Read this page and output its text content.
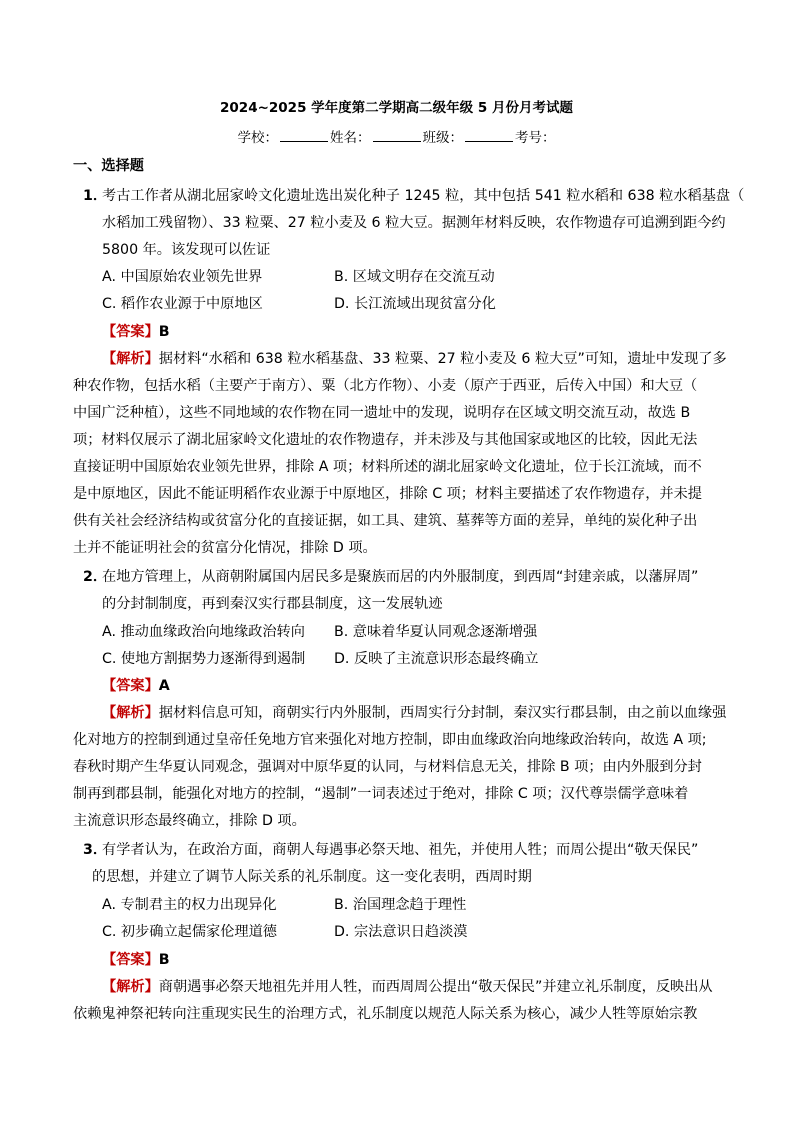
2024~2025 学年度第二学期高二级年级 5 月份月考试题
学校：	姓名：	班级：	考号：
一、选择题
1．
考古工作者从湖北屈家岭文化遗址选出炭化种子 1245 粒，其中包括 541 粒水稻和 638 粒水稻基盘（
水稻加工残留物）、33 粒粟、27 粒小麦及 6 粒大豆。据测年材料反映，农作物遗存可追溯到距今约
5800 年。该发现可以佐证
A. 中国原始农业领先世界	B. 区域文明存在交流互动
C. 稻作农业源于中原地区	D. 长江流域出现贫富分化
【答案】B
【解析】据材料“水稻和 638 粒水稻基盘、33 粒粟、27 粒小麦及 6 粒大豆”可知，遗址中发现了多
种农作物，包括水稻（主要产于南方）、粟（北方作物）、小麦（原产于西亚，后传入中国）和大豆（
中国广泛种植），这些不同地域的农作物在同一遗址中的发现，说明存在区域文明交流互动，故选 B
项；材料仅展示了湖北屈家岭文化遗址的农作物遗存，并未涉及与其他国家或地区的比较，因此无法
直接证明中国原始农业领先世界，排除 A 项；材料所述的湖北屈家岭文化遗址，位于长江流域，而不
是中原地区，因此不能证明稻作农业源于中原地区，排除 C 项；材料主要描述了农作物遗存，并未提
供有关社会经济结构或贫富分化的直接证据，如工具、建筑、墓葬等方面的差异，单纯的炭化种子出
土并不能证明社会的贫富分化情况，排除 D 项。
2．
在地方管理上，从商朝附属国内居民多是聚族而居的内外服制度，到西周“封建亲戚，以藩屏周”
的分封制制度，再到秦汉实行郡县制度，这一发展轨迹
A. 推动血缘政治向地缘政治转向 B. 意味着华夏认同观念逐渐增强
C. 使地方割据势力逐渐得到遏制 D. 反映了主流意识形态最终确立
【答案】A
【解析】据材料信息可知，商朝实行内外服制，西周实行分封制，秦汉实行郡县制，由之前以血缘强
化对地方的控制到通过皇帝任免地方官来强化对地方控制，即由血缘政治向地缘政治转向，故选 A 项;
春秋时期产生华夏认同观念，强调对中原华夏的认同，与材料信息无关，排除 B 项；由内外服到分封
制再到郡县制，能强化对地方的控制，“遏制”一词表述过于绝对，排除 C 项；汉代尊崇儒学意味着
主流意识形态最终确立，排除 D 项。
3．
有学者认为，在政治方面，商朝人每遇事必祭天地、祖先，并使用人牲；而周公提出“敬天保民”
的思想，并建立了调节人际关系的礼乐制度。这一变化表明，西周时期
A. 专制君主的权力出现异化	B. 治国理念趋于理性
C. 初步确立起儒家伦理道德	D. 宗法意识日趋淡漠
【答案】B
【解析】商朝遇事必祭天地祖先并用人牲，而西周周公提出“敬天保民”并建立礼乐制度，反映出从
依赖鬼神祭祀转向注重现实民生的治理方式，礼乐制度以规范人际关系为核心，减少人牲等原始宗教
